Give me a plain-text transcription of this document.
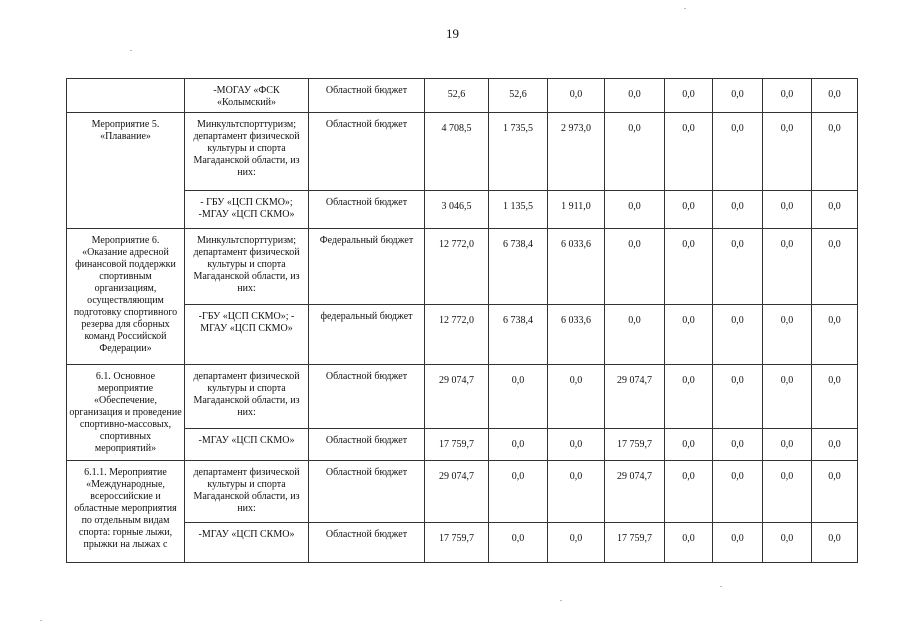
19
	-МОГАУ «ФСК «Колымский»	Областной бюджет	52,6	52,6	0,0	0,0	0,0	0,0	0,0	0,0
Мероприятие 5. «Плавание»	Минкультспорттуризм; департамент физической культуры и спорта Магаданской области, из них:	Областной бюджет	4 708,5	1 735,5	2 973,0	0,0	0,0	0,0	0,0	0,0
	- ГБУ «ЦСП СКМО»; -МГАУ «ЦСП СКМО»	Областной бюджет	3 046,5	1 135,5	1 911,0	0,0	0,0	0,0	0,0	0,0
Мероприятие 6. «Оказание адресной финансовой поддержки спортивным организациям, осуществляющим подготовку спортивного резерва для сборных команд Российской Федерации»	Минкультспорттуризм; департамент физической культуры и спорта Магаданской области, из них:	Федеральный бюджет	12 772,0	6 738,4	6 033,6	0,0	0,0	0,0	0,0	0,0
	-ГБУ «ЦСП СКМО»; - МГАУ «ЦСП СКМО»	федеральный бюджет	12 772,0	6 738,4	6 033,6	0,0	0,0	0,0	0,0	0,0
6.1. Основное мероприятие «Обеспечение, организация и проведение спортивно-массовых, спортивных мероприятий»	департамент физической культуры и спорта Магаданской области, из них:	Областной бюджет	29 074,7	0,0	0,0	29 074,7	0,0	0,0	0,0	0,0
	-МГАУ «ЦСП СКМО»	Областной бюджет	17 759,7	0,0	0,0	17 759,7	0,0	0,0	0,0	0,0
6.1.1. Мероприятие «Международные, всероссийские и областные мероприятия по отдельным видам спорта: горные лыжи, прыжки на лыжах с	департамент физической культуры и спорта Магаданской области, из них:	Областной бюджет	29 074,7	0,0	0,0	29 074,7	0,0	0,0	0,0	0,0
	-МГАУ «ЦСП СКМО»	Областной бюджет	17 759,7	0,0	0,0	17 759,7	0,0	0,0	0,0	0,0
